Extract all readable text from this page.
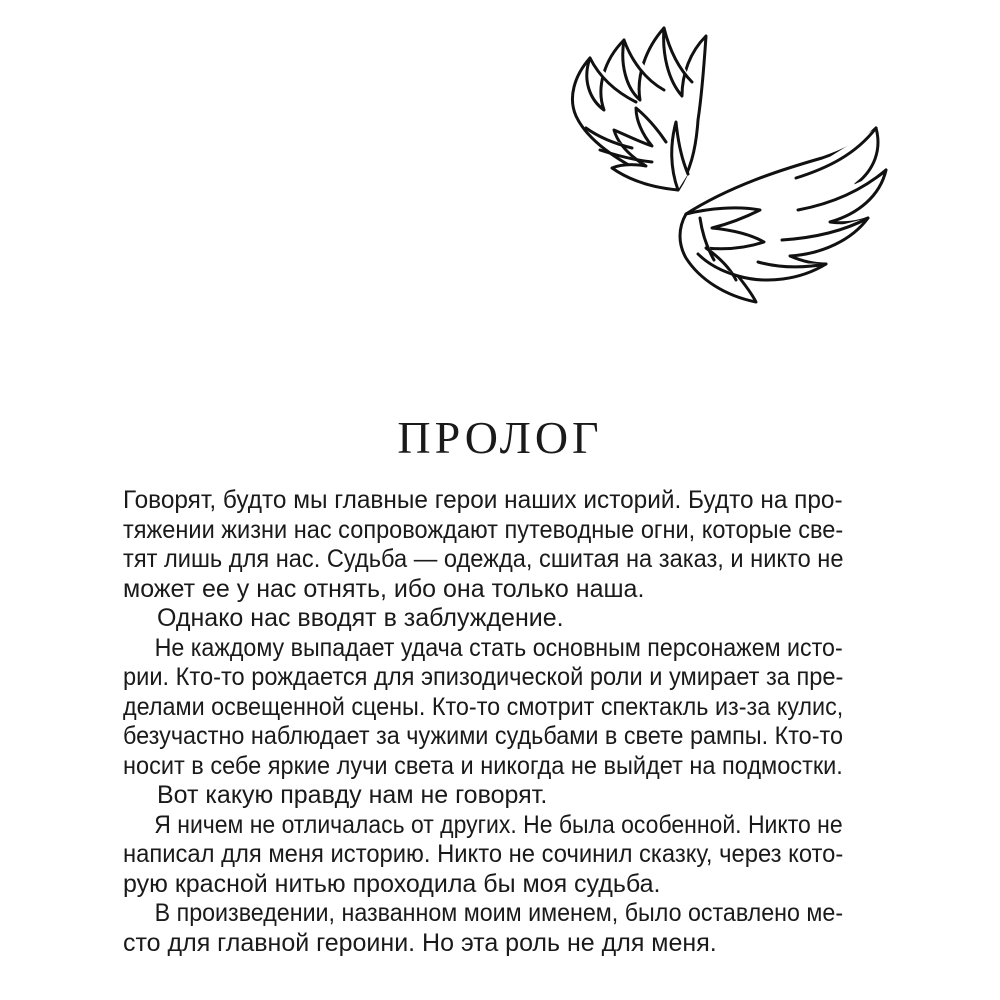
ПРОЛОГ
Говорят, будто мы главные герои наших историй. Будто на про-
тяжении жизни нас сопровождают путеводные огни, которые све-
тят лишь для нас. Судьба — одежда, сшитая на заказ, и никто не
может ее у нас отнять, ибо она только наша.
Однако нас вводят в заблуждение.
Не каждому выпадает удача стать основным персонажем исто-
рии. Кто-то рождается для эпизодической роли и умирает за пре-
делами освещенной сцены. Кто-то смотрит спектакль из-за кулис,
безучастно наблюдает за чужими судьбами в свете рампы. Кто-то
носит в себе яркие лучи света и никогда не выйдет на подмостки.
Вот какую правду нам не говорят.
Я ничем не отличалась от других. Не была особенной. Никто не
написал для меня историю. Никто не сочинил сказку, через кото-
рую красной нитью проходила бы моя судьба.
В произведении, названном моим именем, было оставлено ме-
сто для главной героини. Но эта роль не для меня.
